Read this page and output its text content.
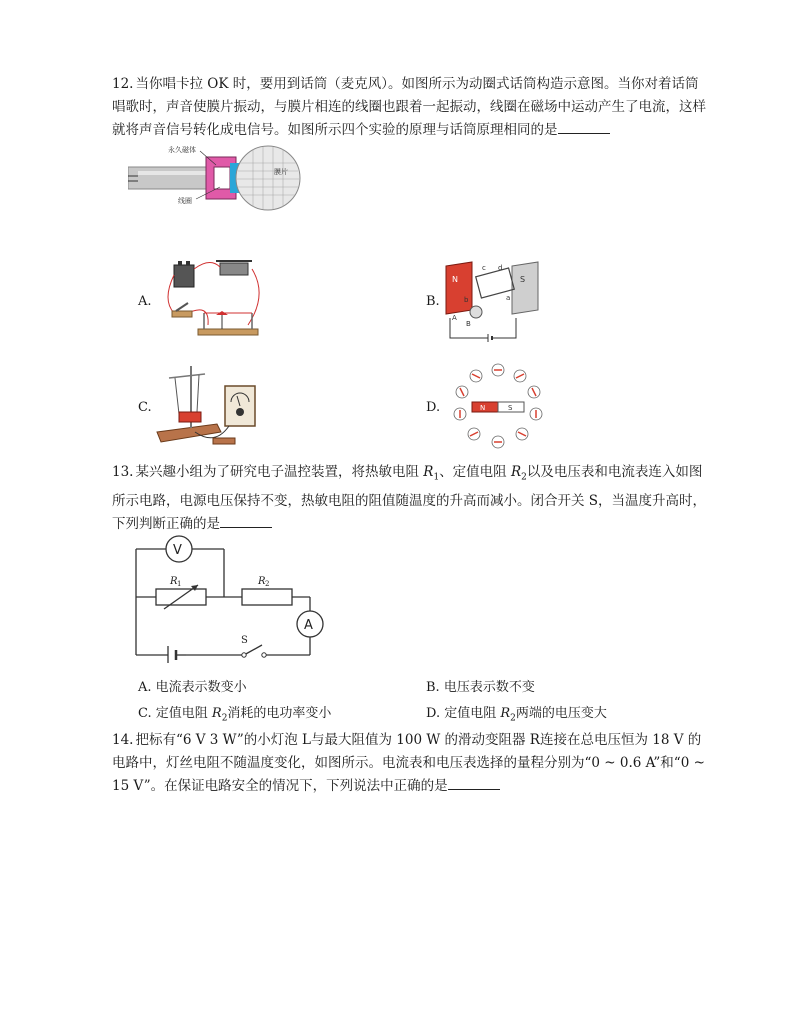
12. 当你唱卡拉 OK 时，要用到话筒（麦克风）。如图所示为动圈式话筒构造示意图。当你对着话筒唱歌时，声音使膜片振动，与膜片相连的线圈也跟着一起振动，线圈在磁场中运动产生了电流，这样就将声音信号转化成电信号。如图所示四个实验的原理与话筒原理相同的是
永久磁体
膜片
线圈
A.	B.
N	S
c d
a
b
A
B
C.	D.	N	S
13. 某兴趣小组为了研究电子温控装置，将热敏电阻 $R_1$、定值电阻 $R_2$以及电压表和电流表连入如图所示电路，电源电压保持不变，热敏电阻的阻值随温度的升高而减小。闭合开关 S，当温度升高时，下列判断正确的是
V
A
R 1	R 2
S
A. 电流表示数变小	B. 电压表示数不变
C. 定值电阻 $R_2$消耗的电功率变小	D. 定值电阻 $R_2$两端的电压变大
14. 把标有“6 V 3 W”的小灯泡 L与最大阻值为 100 W 的滑动变阻器 R连接在总电压恒为 18 V 的电路中，灯丝电阻不随温度变化，如图所示。电流表和电压表选择的量程分别为“0 ~ 0.6 A”和“0 ~ 15 V”。在保证电路安全的情况下，下列说法中正确的是
